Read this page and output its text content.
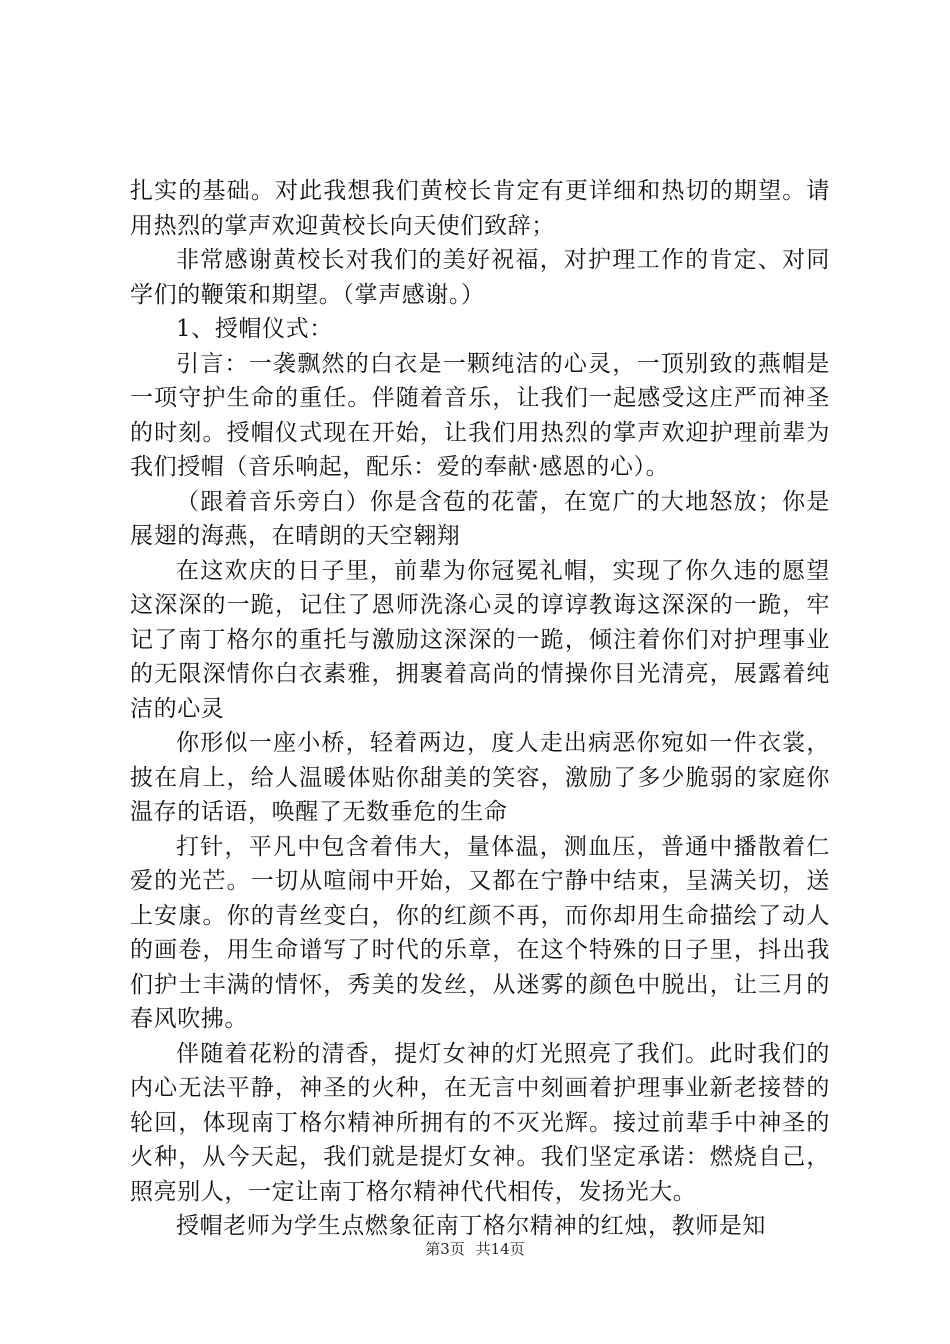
扎实的基础。对此我想我们黄校长肯定有更详细和热切的期望。请用热烈的掌声欢迎黄校长向天使们致辞；

非常感谢黄校长对我们的美好祝福，对护理工作的肯定、对同学们的鞭策和期望。（掌声感谢。）

1、授帽仪式：

引言：一袭飘然的白衣是一颗纯洁的心灵，一顶别致的燕帽是一项守护生命的重任。伴随着音乐，让我们一起感受这庄严而神圣的时刻。授帽仪式现在开始，让我们用热烈的掌声欢迎护理前辈为我们授帽（音乐响起，配乐：爱的奉献·感恩的心）。

（跟着音乐旁白）你是含苞的花蕾，在宽广的大地怒放；你是展翅的海燕，在晴朗的天空翱翔

在这欢庆的日子里，前辈为你冠冕礼帽，实现了你久违的愿望这深深的一跪，记住了恩师洗涤心灵的谆谆教诲这深深的一跪，牢记了南丁格尔的重托与激励这深深的一跪，倾注着你们对护理事业的无限深情你白衣素雅，拥裹着高尚的情操你目光清亮，展露着纯洁的心灵

你形似一座小桥，轻着两边，度人走出病恶你宛如一件衣裳，披在肩上，给人温暖体贴你甜美的笑容，激励了多少脆弱的家庭你温存的话语，唤醒了无数垂危的生命

打针，平凡中包含着伟大，量体温，测血压，普通中播散着仁爱的光芒。一切从喧闹中开始，又都在宁静中结束，呈满关切，送上安康。你的青丝变白，你的红颜不再，而你却用生命描绘了动人的画卷，用生命谱写了时代的乐章，在这个特殊的日子里，抖出我们护士丰满的情怀，秀美的发丝，从迷雾的颜色中脱出，让三月的春风吹拂。

伴随着花粉的清香，提灯女神的灯光照亮了我们。此时我们的内心无法平静，神圣的火种，在无言中刻画着护理事业新老接替的轮回，体现南丁格尔精神所拥有的不灭光辉。接过前辈手中神圣的火种，从今天起，我们就是提灯女神。我们坚定承诺：燃烧自己，照亮别人，一定让南丁格尔精神代代相传，发扬光大。

授帽老师为学生点燃象征南丁格尔精神的红烛，教师是知

第3页 共14页
